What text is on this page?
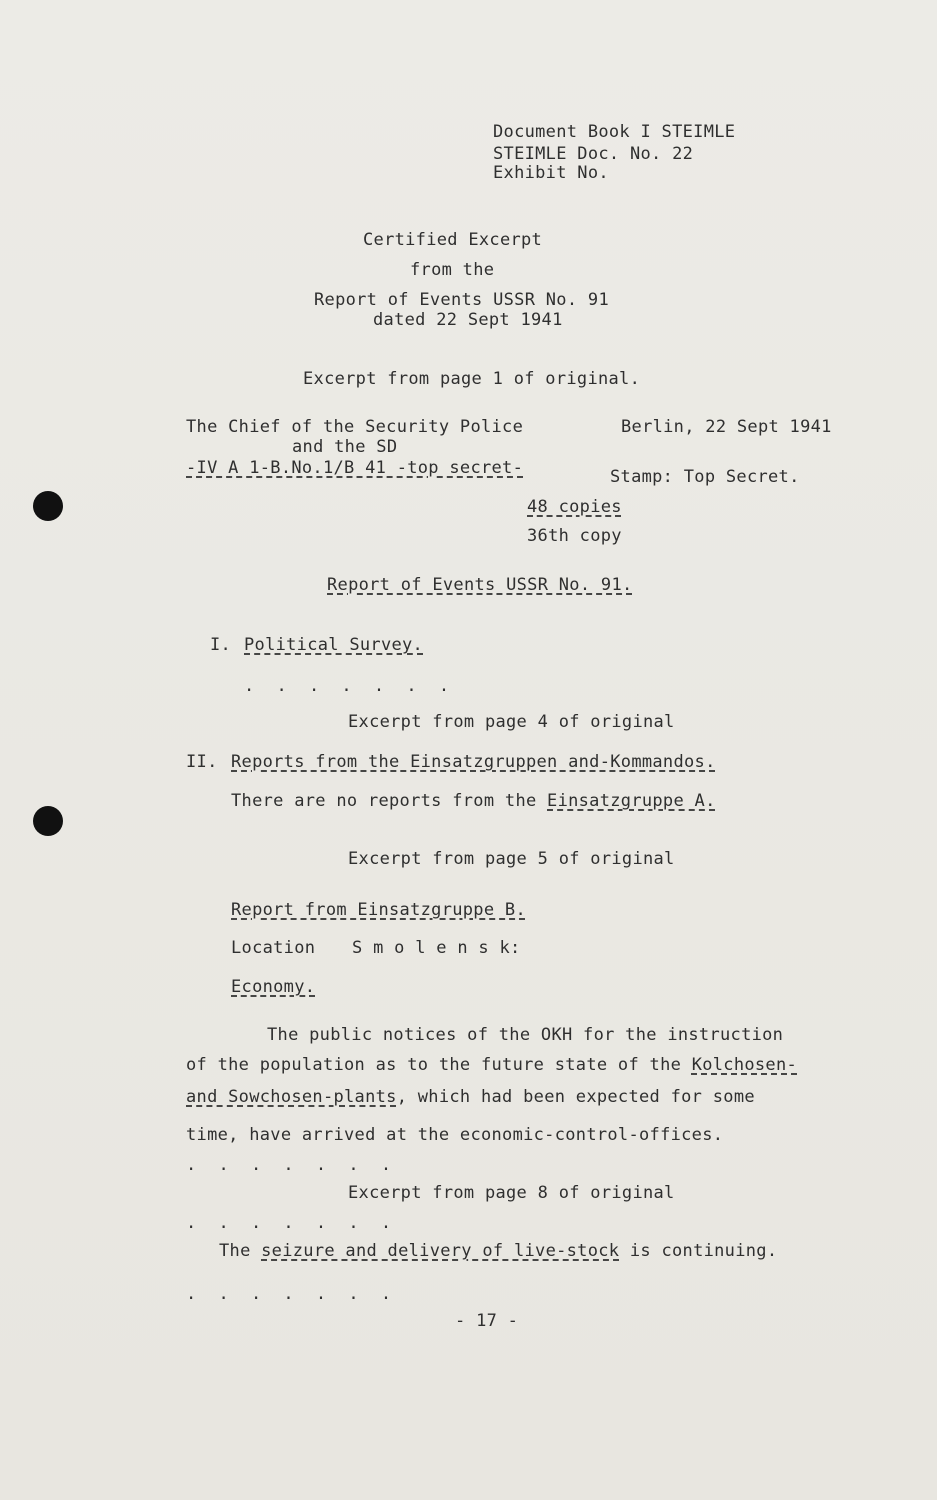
Document Book I STEIMLE
STEIMLE Doc. No. 22
Exhibit No.
Certified Excerpt
from the
Report of Events USSR No. 91
dated 22 Sept 1941
Excerpt from page 1 of original.
The Chief of the Security Police
and the SD
-IV A 1-B.No.1/B 41 -top secret-
Berlin, 22 Sept 1941
Stamp: Top Secret.
48 copies
36th copy
Report of Events USSR No. 91.
I. Political Survey.
. . . . . . .
Excerpt from page 4 of original
II. Reports from the Einsatzgruppen and-Kommandos.
There are no reports from the Einsatzgruppe A.
Excerpt from page 5 of original
Report from Einsatzgruppe B.
Location S m o l e n s k:
Economy.
The public notices of the OKH for the instruction
of the population as to the future state of the Kolchosen-
and Sowchosen-plants, which had been expected for some
time, have arrived at the economic-control-offices.
. . . . . . .
Excerpt from page 8 of original
. . . . . . .
The seizure and delivery of live-stock is continuing.
. . . . . . .
- 17 -
